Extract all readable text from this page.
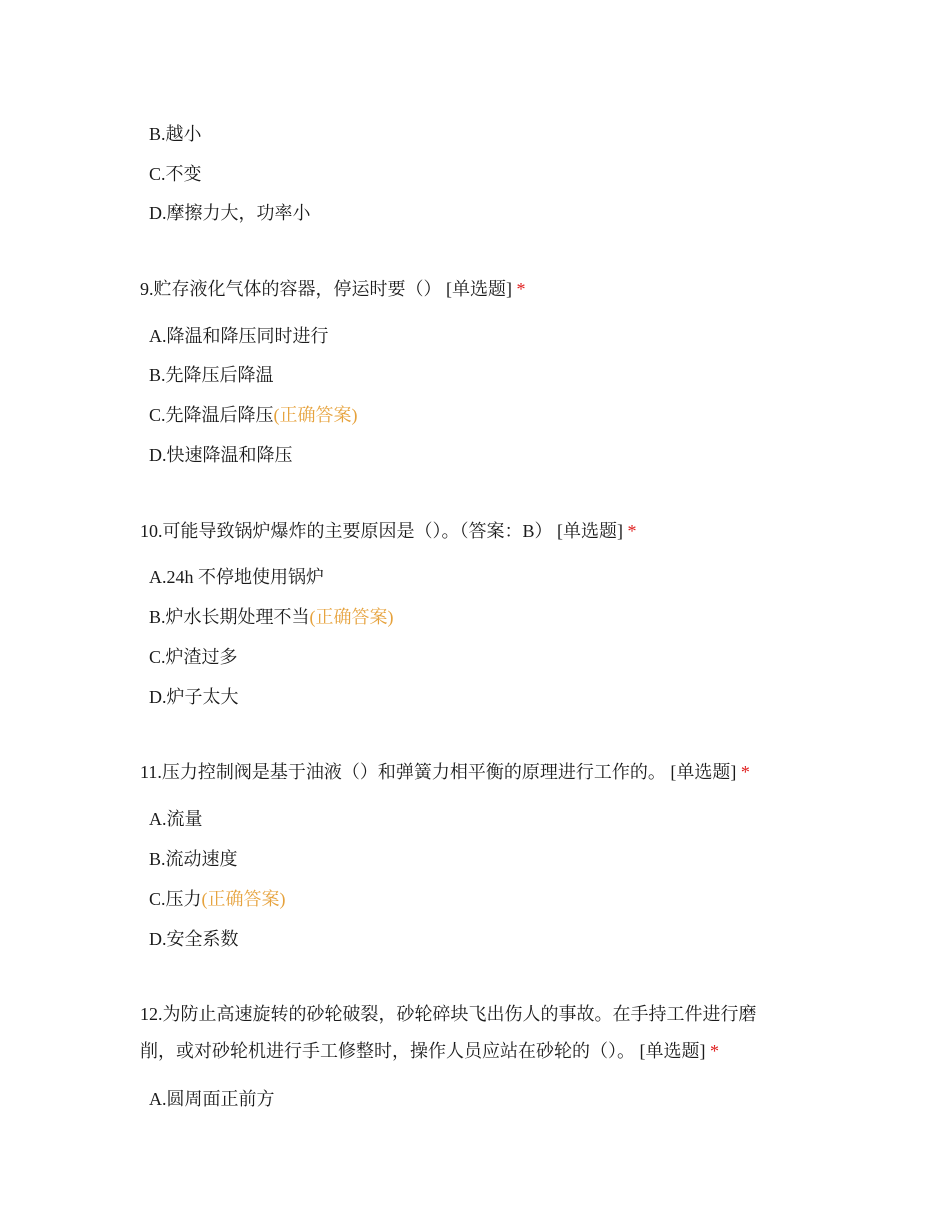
B.越小
C.不变
D.摩擦力大，功率小
9.贮存液化气体的容器，停运时要（） [单选题] *
A.降温和降压同时进行
B.先降压后降温
C.先降温后降压(正确答案)
D.快速降温和降压
10.可能导致锅炉爆炸的主要原因是（）。（答案：B） [单选题] *
A.24h 不停地使用锅炉
B.炉水长期处理不当(正确答案)
C.炉渣过多
D.炉子太大
11.压力控制阀是基于油液（）和弹簧力相平衡的原理进行工作的。 [单选题] *
A.流量
B.流动速度
C.压力(正确答案)
D.安全系数
12.为防止高速旋转的砂轮破裂，砂轮碎块飞出伤人的事故。在手持工件进行磨削，或对砂轮机进行手工修整时，操作人员应站在砂轮的（）。 [单选题] *
A.圆周面正前方
